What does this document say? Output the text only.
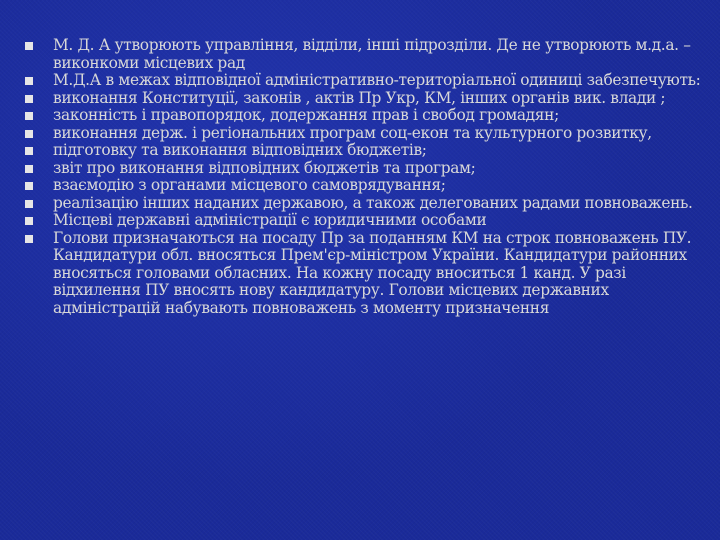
М. Д. А утворюють управління, відділи, інші підрозділи. Де не утворюють м.д.а. – виконкоми місцевих рад
М.Д.А в межах відповідної адміністративно-територіальної одиниці забезпечують:
виконання Конституції, законів , актів Пр Укр, КМ, інших органів вик. влади ;
законність і правопорядок, додержання прав і свобод громадян;
виконання держ. і регіональних програм соц-екон та культурного розвитку,
підготовку та виконання відповідних бюджетів;
звіт про виконання відповідних бюджетів та програм;
взаємодію з органами місцевого самоврядування;
реалізацію інших наданих державою, а також делегованих радами повноважень.
Місцеві державні адміністрації є юридичними особами
Голови призначаються на посаду Пр за поданням КМ на строк повноважень ПУ. Кандидатури обл. вносяться Прем'єр-міністром України. Кандидатури районних вносяться головами обласних. На кожну посаду вноситься 1 канд. У разі відхилення ПУ вносять нову кандидатуру. Голови місцевих державних адміністрацій набувають повноважень з моменту призначення
